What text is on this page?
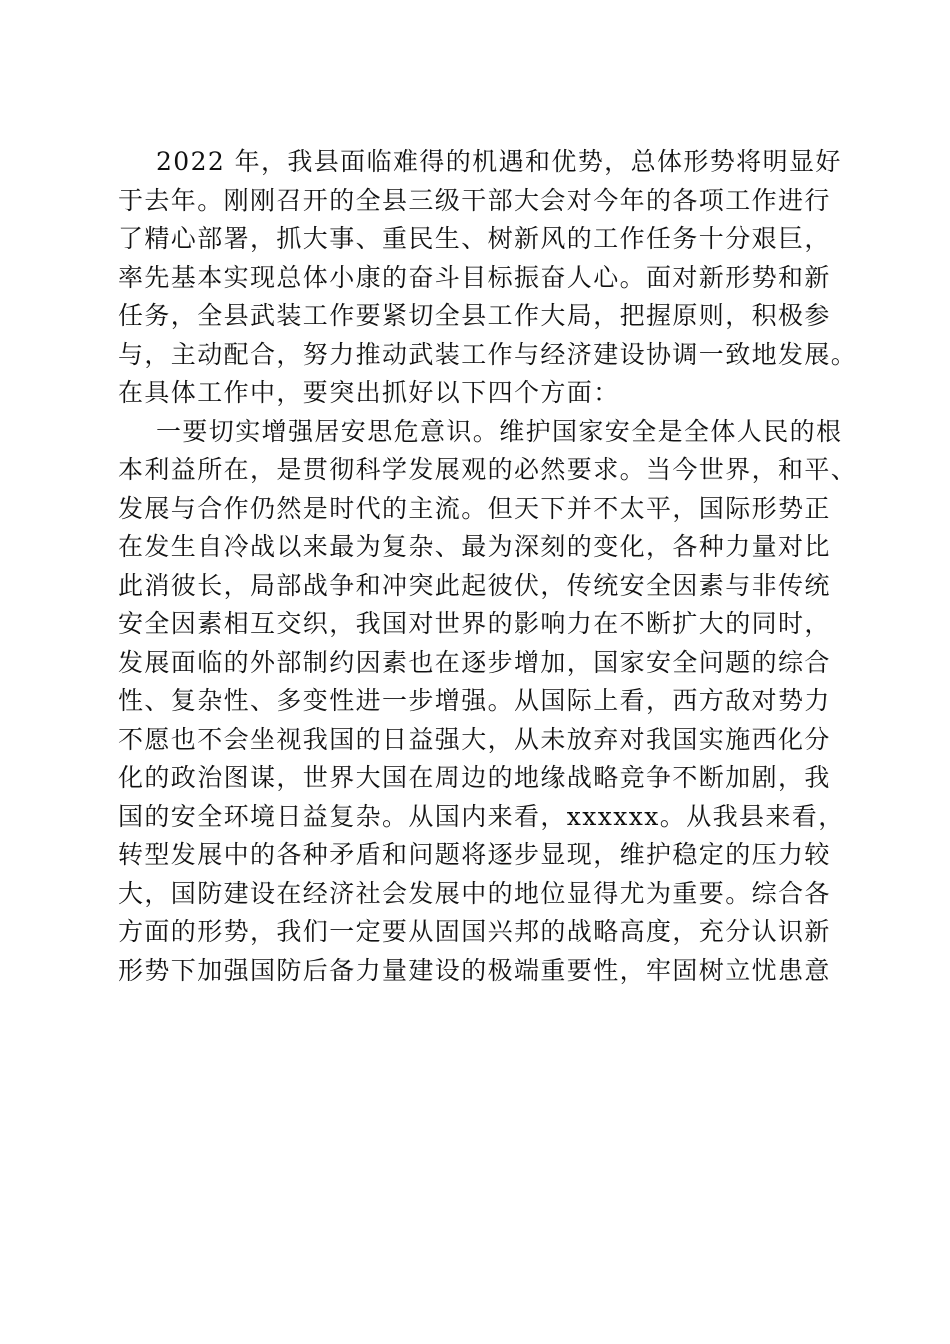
2022 年，我县面临难得的机遇和优势，总体形势将明显好
于去年。刚刚召开的全县三级干部大会对今年的各项工作进行
了精心部署，抓大事、重民生、树新风的工作任务十分艰巨，
率先基本实现总体小康的奋斗目标振奋人心。面对新形势和新
任务，全县武装工作要紧切全县工作大局，把握原则，积极参
与，主动配合，努力推动武装工作与经济建设协调一致地发展。
在具体工作中，要突出抓好以下四个方面：
一要切实增强居安思危意识。维护国家安全是全体人民的根
本利益所在，是贯彻科学发展观的必然要求。当今世界，和平、
发展与合作仍然是时代的主流。但天下并不太平，国际形势正
在发生自冷战以来最为复杂、最为深刻的变化，各种力量对比
此消彼长，局部战争和冲突此起彼伏，传统安全因素与非传统
安全因素相互交织，我国对世界的影响力在不断扩大的同时，
发展面临的外部制约因素也在逐步增加，国家安全问题的综合
性、复杂性、多变性进一步增强。从国际上看，西方敌对势力
不愿也不会坐视我国的日益强大，从未放弃对我国实施西化分
化的政治图谋，世界大国在周边的地缘战略竞争不断加剧，我
国的安全环境日益复杂。从国内来看，xxxxxx。从我县来看，
转型发展中的各种矛盾和问题将逐步显现，维护稳定的压力较
大，国防建设在经济社会发展中的地位显得尤为重要。综合各
方面的形势，我们一定要从固国兴邦的战略高度，充分认识新
形势下加强国防后备力量建设的极端重要性，牢固树立忧患意
